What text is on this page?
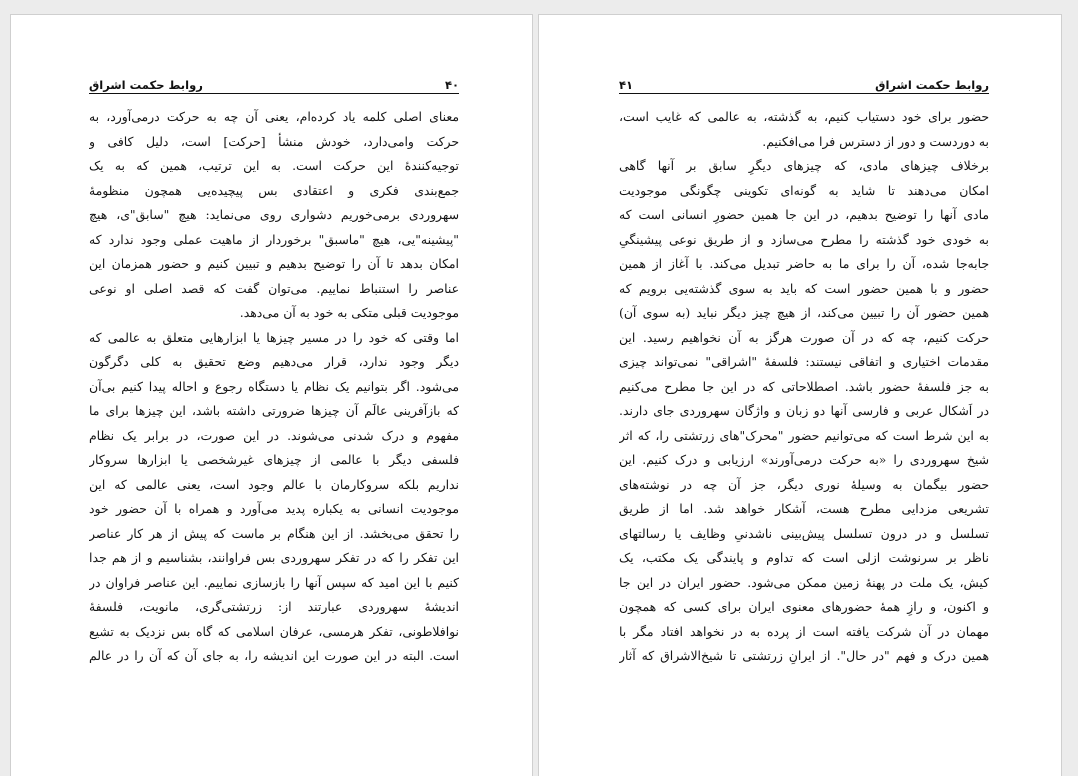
روابط حکمت اشراق	۴۰
معنای اصلی کلمه یاد کرده‌ام، یعنی آن چه به حرکت درمی‌آورد، به
حرکت وامی‌دارد، خودش منشأ [حرکت] است، دلیل کافی و
توجیه‌کنندهٔ این حرکت است. به این ترتیب، همین که به یک
جمع‌بندی فکری و اعتقادی بس پیچیده‌یی همچون منظومهٔ
سهروردی برمی‌خوریم دشواری روی می‌نماید: هیچ "سابق"ی، هیچ
"پیشینه"یی، هیچ "ماسبق" برخوردار از ماهیت عملی وجود ندارد که
امکان بدهد تا آن را توضیح بدهیم و تبیین کنیم و حضور همزمان این
عناصر را استنباط نماییم. می‌توان گفت که قصد اصلی او نوعی
موجودیت قبلی متکی به خود به آن می‌دهد.
اما وقتی که خود را در مسیر چیزها یا ابزارهایی متعلق به عالمی که
دیگر وجود ندارد، قرار می‌دهیم وضع تحقیق به کلی دگرگون
می‌شود. اگر بتوانیم یک نظام یا دستگاه رجوع و احاله پیدا کنیم بی‌آن
که بازآفرینی عالَم آن چیزها ضرورتی داشته باشد، این چیزها برای ما
مفهوم و درک شدنی می‌شوند. در این صورت، در برابر یک نظام
فلسفی دیگر با عالمی از چیزهای غیرشخصی یا ابزارها سروکار
نداریم بلکه سروکارمان با عالم وجود است، یعنی عالمی که این
موجودیت انسانی به یکباره پدید می‌آورد و همراه با آن حضور خود
را تحقق می‌بخشد. از این هنگام بر ماست که پیش از هر کار عناصر
این تفکر را که در تفکر سهروردی بس فراوانند، بشناسیم و از هم جدا
کنیم با این امید که سپس آنها را بازسازی نماییم. این عناصر فراوان در
اندیشهٔ سهروردی عبارتند از: زرتشتی‌گری، مانویت، فلسفهٔ
نوافلاطونی، تفکر هرمسی، عرفان اسلامی که گاه بس نزدیک به تشیع
است. البته در این صورت این اندیشه را، به جای آن که آن را در عالم
۴۱	روابط حکمت اشراق
حضور برای خود دستیاب کنیم، به گذشته، به عالمی که غایب است،
به دوردست و دور از دسترس فرا می‌افکنیم.
برخلاف چیزهای مادی، که چیزهای دیگرِ سابق بر آنها گاهی
امکان می‌دهند تا شاید به گونه‌ای تکوینی چگونگی موجودیت
مادی آنها را توضیح بدهیم، در این جا همین حضورِ انسانی است که
به خودی خود گذشته را مطرح می‌سازد و از طریق نوعی پیشینگیِ
جابه‌جا شده، آن را برای ما به حاضر تبدیل می‌کند. با آغاز از همین
حضور و با همین حضور است که باید به سوی گذشته‌یی برویم که
همین حضور آن را تبیین می‌کند، از هیچ چیز دیگر نباید (به سوی آن)
حرکت کنیم، چه که در آن صورت هرگز به آن نخواهیم رسید. این
مقدمات اختیاری و اتفاقی نیستند: فلسفهٔ "اشراقی" نمی‌تواند چیزی
به جز فلسفهٔ حضور باشد. اصطلاحاتی که در این جا مطرح می‌کنیم
در اَشکال عربی و فارسی آنها دو زبان و واژگان سهروردی جای دارند.
به این شرط است که می‌توانیم حضور "محرک"های زرتشتی را، که اثر
شیخ سهروردی را «به حرکت درمی‌آورند» ارزیابی و درک کنیم. این
حضور بیگمان به وسیلهٔ نوری دیگر، جز آن چه در نوشته‌های
تشریعی مزدایی مطرح هست، آشکار خواهد شد. اما از طریق
تسلسل و در درون تسلسل پیش‌بینی ناشدنیِ وظایف یا رسالتهای
ناظر بر سرنوشت ازلی است که تداوم و پایندگی یک مکتب، یک
کیش، یک ملت در پهنهٔ زمین ممکن می‌شود. حضور ایران در این جا
و اکنون، و رازِ همهٔ حضورهای معنوی ایران برای کسی که همچون
مهمان در آن شرکت یافته است از پرده به در نخواهد افتاد مگر با
همین درک و فهم "در حال". از ایرانِ زرتشتی تا شیخ‌الاشراق که آثار
